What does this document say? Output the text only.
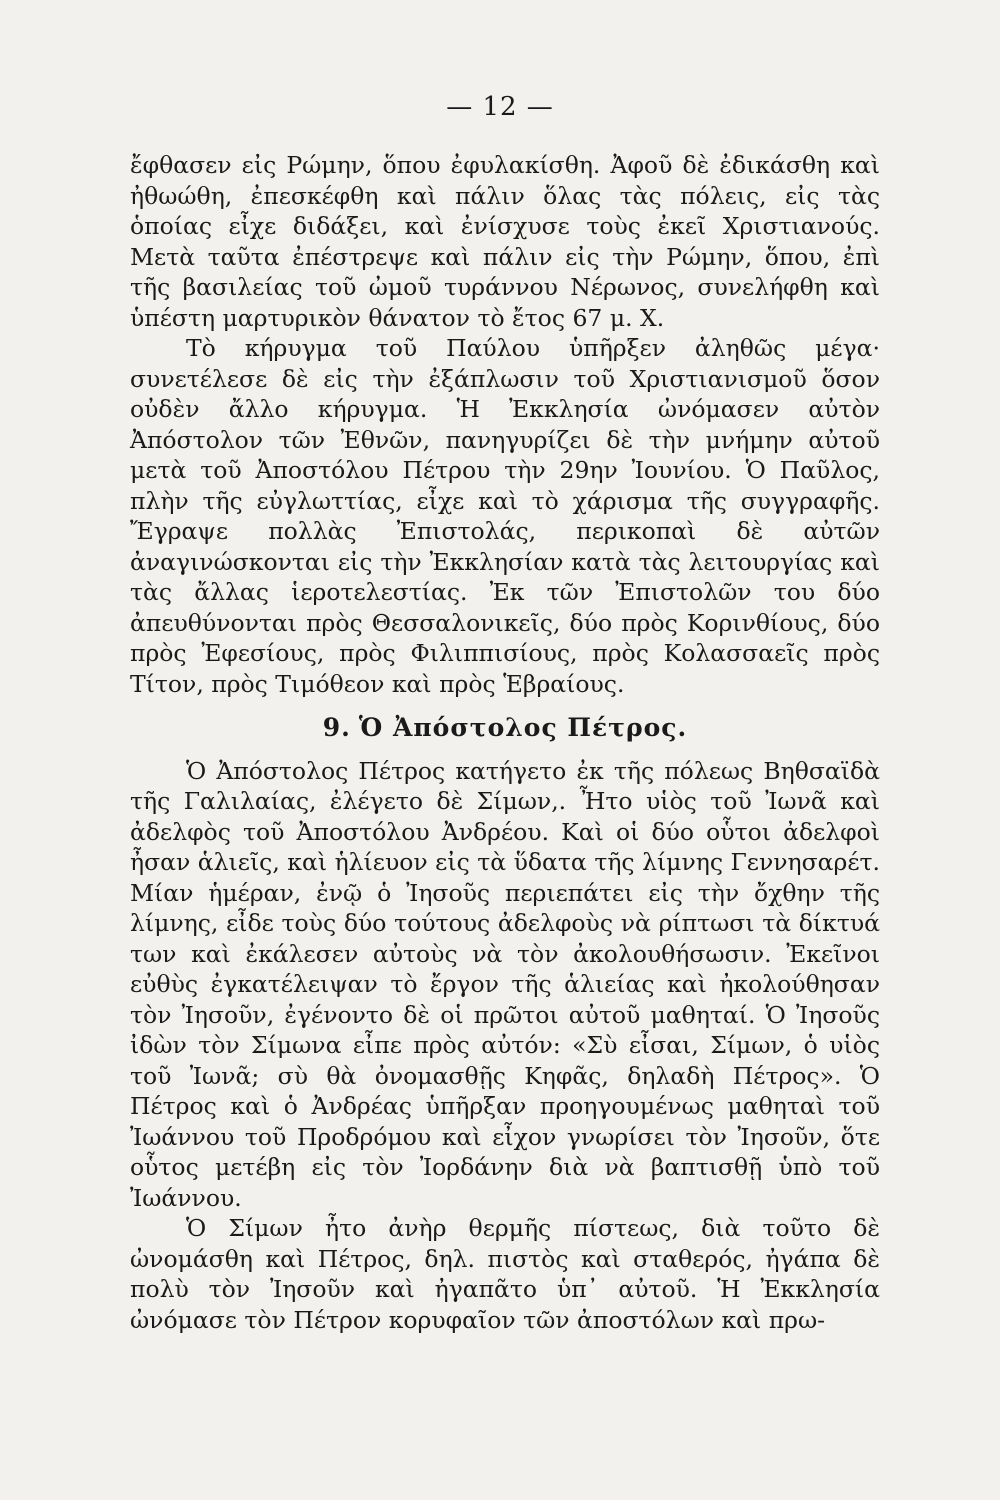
— 12 —

ἔφθασεν εἰς Ρώμην, ὅπου ἐφυλακίσθη. Ἀφοῦ δὲ ἐδικάσθη καὶ ἠθωώθη, ἐπεσκέφθη καὶ πάλιν ὅλας τὰς πόλεις, εἰς τὰς ὁποίας εἶχε διδάξει, καὶ ἐνίσχυσε τοὺς ἐκεῖ Χριστιανούς. Μετὰ ταῦτα ἐπέστρεψε καὶ πάλιν εἰς τὴν Ρώμην, ὅπου, ἐπὶ τῆς βασιλείας τοῦ ὠμοῦ τυράννου Νέρωνος, συνελήφθη καὶ ὑπέστη μαρτυρικὸν θάνατον τὸ ἔτος 67 μ. Χ.

Τὸ κήρυγμα τοῦ Παύλου ὑπῆρξεν ἀληθῶς μέγα· συνετέλεσε δὲ εἰς τὴν ἐξάπλωσιν τοῦ Χριστιανισμοῦ ὅσον οὐδὲν ἄλλο κήρυγμα. Ἡ Ἐκκλησία ὠνόμασεν αὐτὸν Ἀπόστολον τῶν Ἐθνῶν, πανηγυρίζει δὲ τὴν μνήμην αὐτοῦ μετὰ τοῦ Ἀποστόλου Πέτρου τὴν 29ην Ἰουνίου. Ὁ Παῦλος, πλὴν τῆς εὐγλωττίας, εἶχε καὶ τὸ χάρισμα τῆς συγγραφῆς. Ἔγραψε πολλὰς Ἐπιστολάς, περικοπαὶ δὲ αὐτῶν ἀναγινώσκονται εἰς τὴν Ἐκκλησίαν κατὰ τὰς λειτουργίας καὶ τὰς ἄλλας ἱεροτελεστίας. Ἐκ τῶν Ἐπιστολῶν του δύο ἀπευθύνονται πρὸς Θεσσαλονικεῖς, δύο πρὸς Κορινθίους, δύο πρὸς Ἐφεσίους, πρὸς Φιλιππισίους, πρὸς Κολασσαεῖς πρὸς Τίτον, πρὸς Τιμόθεον καὶ πρὸς Ἑβραίους.

9. Ὁ Ἀπόστολος Πέτρος.

Ὁ Ἀπόστολος Πέτρος κατήγετο ἐκ τῆς πόλεως Βηθσαϊδὰ τῆς Γαλιλαίας, ἐλέγετο δὲ Σίμων,. Ἦτο υἱὸς τοῦ Ἰωνᾶ καὶ ἀδελφὸς τοῦ Ἀποστόλου Ἀνδρέου. Καὶ οἱ δύο οὗτοι ἀδελφοὶ ἦσαν ἁλιεῖς, καὶ ἡλίευον εἰς τὰ ὕδατα τῆς λίμνης Γεννησαρέτ. Μίαν ἡμέραν, ἐνῷ ὁ Ἰησοῦς περιεπάτει εἰς τὴν ὄχθην τῆς λίμνης, εἶδε τοὺς δύο τούτους ἀδελφοὺς νὰ ρίπτωσι τὰ δίκτυά των καὶ ἐκάλεσεν αὐτοὺς νὰ τὸν ἀκολουθήσωσιν. Ἐκεῖνοι εὐθὺς ἐγκατέλειψαν τὸ ἔργον τῆς ἁλιείας καὶ ἠκολούθησαν τὸν Ἰησοῦν, ἐγένοντο δὲ οἱ πρῶτοι αὐτοῦ μαθηταί. Ὁ Ἰησοῦς ἰδὼν τὸν Σίμωνα εἶπε πρὸς αὐτόν: «Σὺ εἶσαι, Σίμων, ὁ υἱὸς τοῦ Ἰωνᾶ; σὺ θὰ ὀνομασθῇς Κηφᾶς, δηλαδὴ Πέτρος». Ὁ Πέτρος καὶ ὁ Ἀνδρέας ὑπῆρξαν προηγουμένως μαθηταὶ τοῦ Ἰωάννου τοῦ Προδρόμου καὶ εἶχον γνωρίσει τὸν Ἰησοῦν, ὅτε οὗτος μετέβη εἰς τὸν Ἰορδάνην διὰ νὰ βαπτισθῇ ὑπὸ τοῦ Ἰωάννου.

Ὁ Σίμων ἦτο ἀνὴρ θερμῆς πίστεως, διὰ τοῦτο δὲ ὠνομάσθη καὶ Πέτρος, δηλ. πιστὸς καὶ σταθερός, ἠγάπα δὲ πολὺ τὸν Ἰησοῦν καὶ ἠγαπᾶτο ὑπ᾿ αὐτοῦ. Ἡ Ἐκκλησία ὠνόμασε τὸν Πέτρον κορυφαῖον τῶν ἀποστόλων καὶ πρω-
